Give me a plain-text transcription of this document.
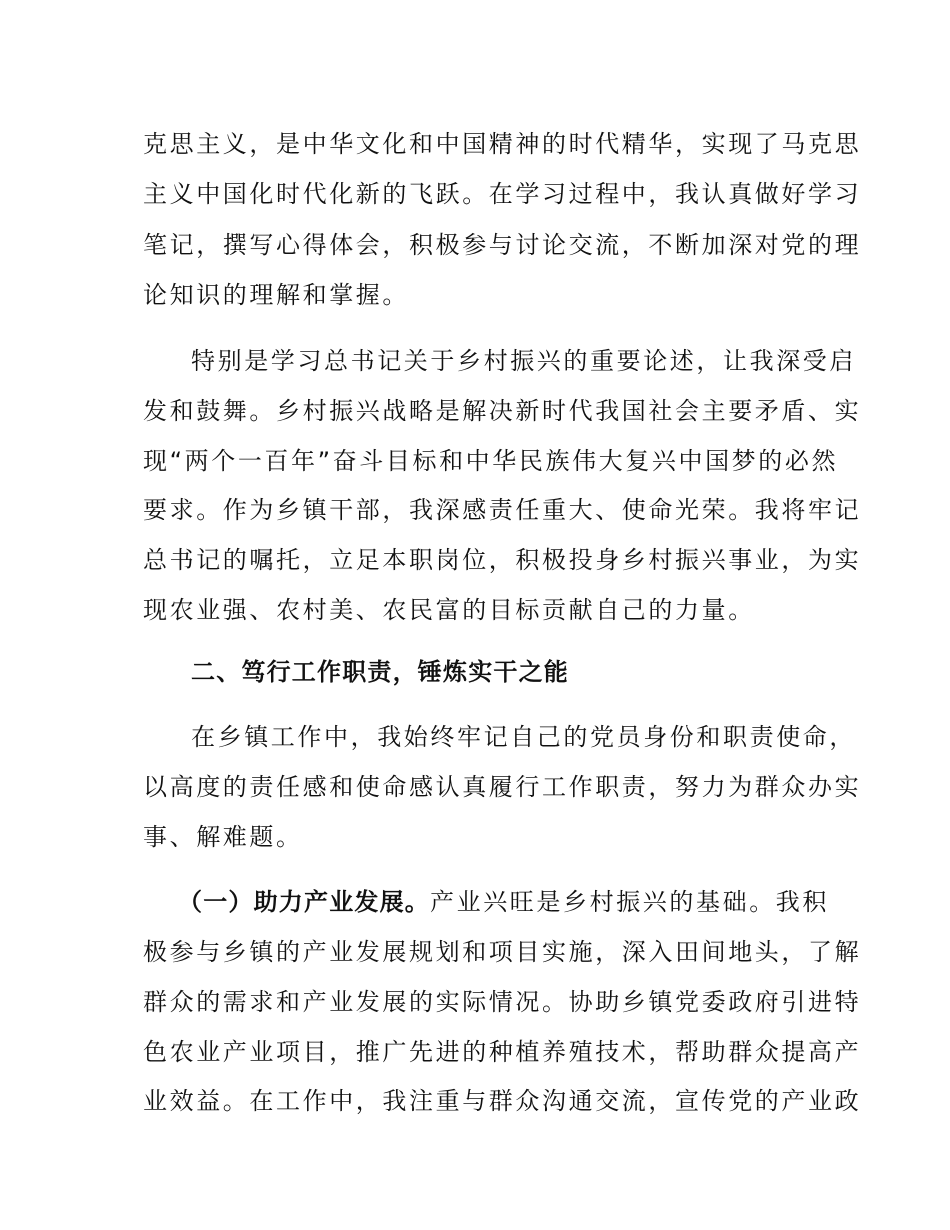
克思主义，是中华文化和中国精神的时代精华，实现了马克思
主义中国化时代化新的飞跃。在学习过程中，我认真做好学习
笔记，撰写心得体会，积极参与讨论交流，不断加深对党的理
论知识的理解和掌握。
特别是学习总书记关于乡村振兴的重要论述，让我深受启
发和鼓舞。乡村振兴战略是解决新时代我国社会主要矛盾、实
现“两个一百年”奋斗目标和中华民族伟大复兴中国梦的必然
要求。作为乡镇干部，我深感责任重大、使命光荣。我将牢记
总书记的嘱托，立足本职岗位，积极投身乡村振兴事业，为实
现农业强、农村美、农民富的目标贡献自己的力量。
二、笃行工作职责，锤炼实干之能
在乡镇工作中，我始终牢记自己的党员身份和职责使命，
以高度的责任感和使命感认真履行工作职责，努力为群众办实
事、解难题。
（一）助力产业发展。产业兴旺是乡村振兴的基础。我积
极参与乡镇的产业发展规划和项目实施，深入田间地头，了解
群众的需求和产业发展的实际情况。协助乡镇党委政府引进特
色农业产业项目，推广先进的种植养殖技术，帮助群众提高产
业效益。在工作中，我注重与群众沟通交流，宣传党的产业政
